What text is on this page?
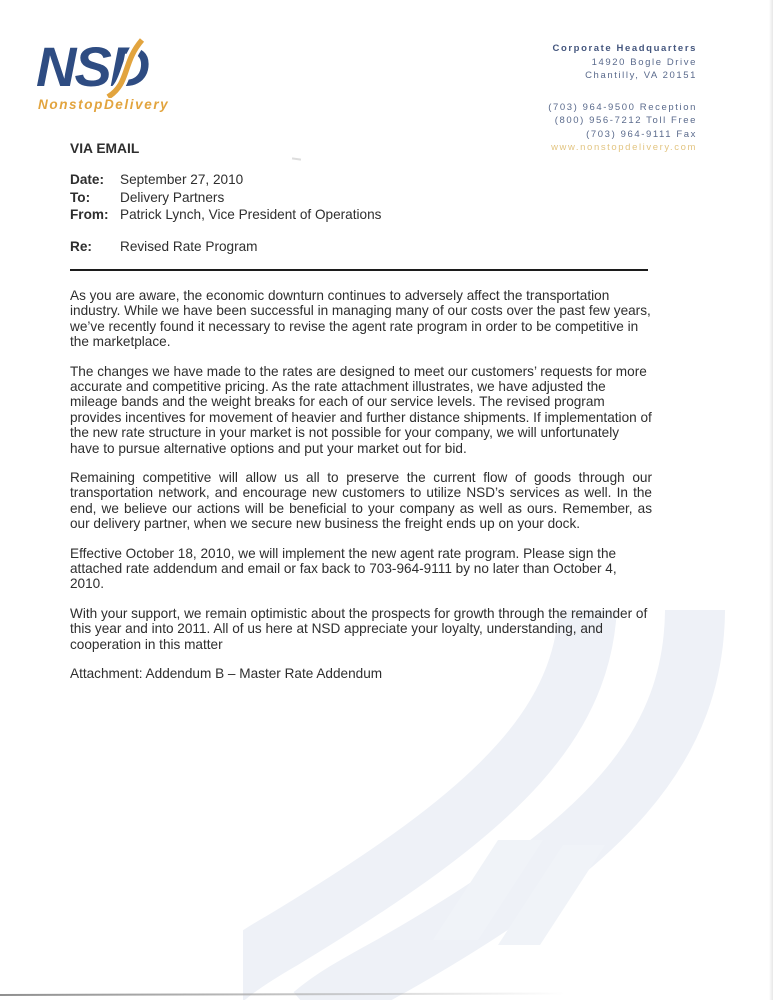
NSD
NonstopDelivery
Corporate Headquarters
14920 Bogle Drive
Chantilly, VA 20151
(703) 964-9500 Reception
(800) 956-7212 Toll Free
(703) 964-9111 Fax
www.nonstopdelivery.com
VIA EMAIL
Date: September 27, 2010
To: Delivery Partners
From: Patrick Lynch, Vice President of Operations
Re: Revised Rate Program

As you are aware, the economic downturn continues to adversely affect the transportation industry. While we have been successful in managing many of our costs over the past few years, we’ve recently found it necessary to revise the agent rate program in order to be competitive in the marketplace.

The changes we have made to the rates are designed to meet our customers’ requests for more accurate and competitive pricing. As the rate attachment illustrates, we have adjusted the mileage bands and the weight breaks for each of our service levels. The revised program provides incentives for movement of heavier and further distance shipments. If implementation of the new rate structure in your market is not possible for your company, we will unfortunately have to pursue alternative options and put your market out for bid.

Remaining competitive will allow us all to preserve the current flow of goods through our transportation network, and encourage new customers to utilize NSD’s services as well. In the end, we believe our actions will be beneficial to your company as well as ours. Remember, as our delivery partner, when we secure new business the freight ends up on your dock.

Effective October 18, 2010, we will implement the new agent rate program. Please sign the attached rate addendum and email or fax back to 703-964-9111 by no later than October 4, 2010.

With your support, we remain optimistic about the prospects for growth through the remainder of this year and into 2011. All of us here at NSD appreciate your loyalty, understanding, and cooperation in this matter

Attachment: Addendum B – Master Rate Addendum
